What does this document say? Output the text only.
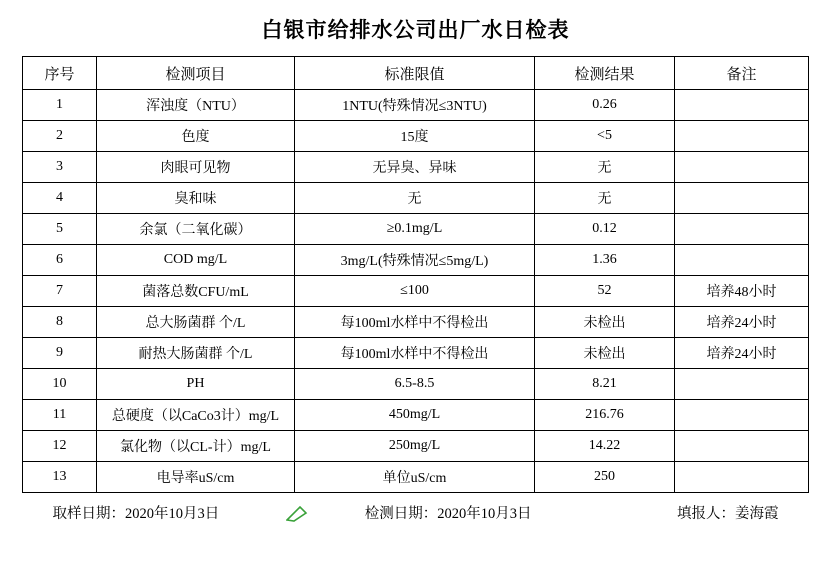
白银市给排水公司出厂水日检表
序号	检测项目	标准限值	检测结果	备注
1	浑浊度（NTU）	1NTU(特殊情况≤3NTU)	0.26	
2	色度	15度	<5	
3	肉眼可见物	无异臭、异味	无	
4	臭和味	无	无	
5	余氯（二氧化碳）	≥0.1mg/L	0.12	
6	COD mg/L	3mg/L(特殊情况≤5mg/L)	1.36	
7	菌落总数CFU/mL	≤100	52	培养48小时
8	总大肠菌群 个/L	每100ml水样中不得检出	未检出	培养24小时
9	耐热大肠菌群 个/L	每100ml水样中不得检出	未检出	培养24小时
10	PH	6.5-8.5	8.21	
11	总硬度（以CaCo3计）mg/L	450mg/L	216.76	
12	氯化物（以CL-计）mg/L	250mg/L	14.22	
13	电导率uS/cm	单位uS/cm	250	
取样日期：2020年10月3日	检测日期：2020年10月3日	填报人：姜海霞
